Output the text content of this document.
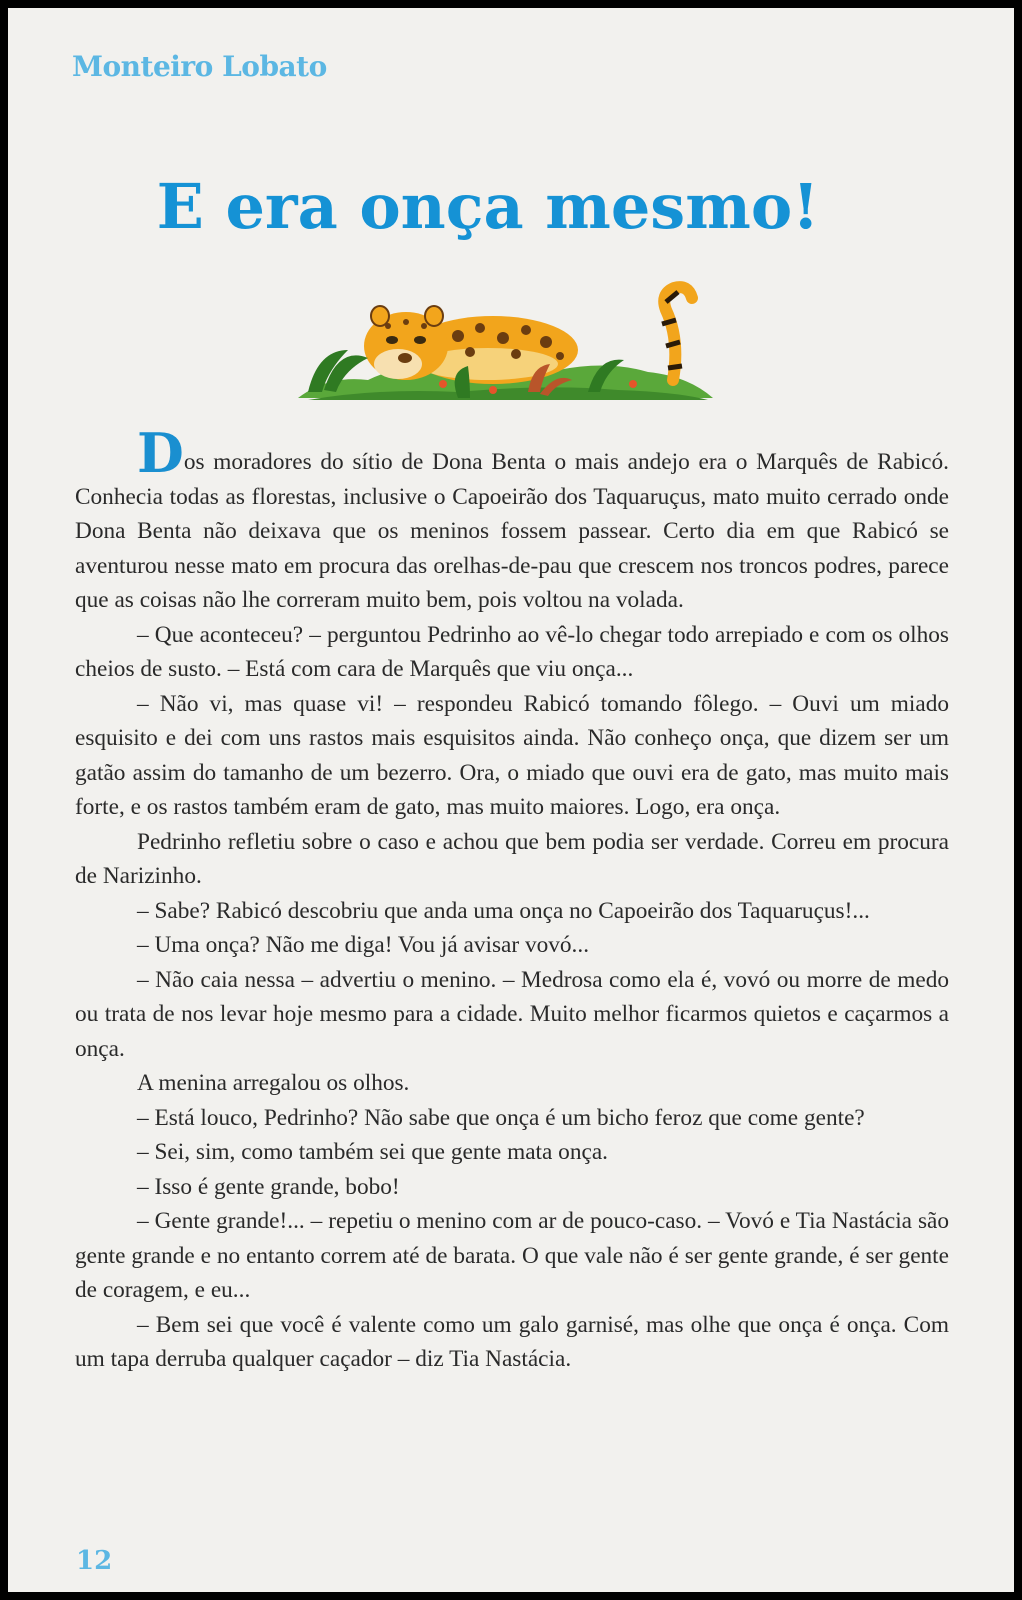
Monteiro Lobato
E era onça mesmo!

Dos moradores do sítio de Dona Benta o mais andejo era o Marquês de Rabicó. Conhecia todas as florestas, inclusive o Capoeirão dos Taquaruçus, mato muito cerrado onde Dona Benta não deixava que os meninos fossem passear. Certo dia em que Rabicó se aventurou nesse mato em procura das orelhas-de-pau que crescem nos troncos podres, parece que as coisas não lhe correram muito bem, pois voltou na volada.

– Que aconteceu? – perguntou Pedrinho ao vê-lo chegar todo arrepiado e com os olhos cheios de susto. – Está com cara de Marquês que viu onça...

– Não vi, mas quase vi! – respondeu Rabicó tomando fôlego. – Ouvi um miado esquisito e dei com uns rastos mais esquisitos ainda. Não conheço onça, que dizem ser um gatão assim do tamanho de um bezerro. Ora, o miado que ouvi era de gato, mas muito mais forte, e os rastos também eram de gato, mas muito maiores. Logo, era onça.

Pedrinho refletiu sobre o caso e achou que bem podia ser verdade. Correu em procura de Narizinho.

– Sabe? Rabicó descobriu que anda uma onça no Capoeirão dos Taquaruçus!...

– Uma onça? Não me diga! Vou já avisar vovó...

– Não caia nessa – advertiu o menino. – Medrosa como ela é, vovó ou morre de medo ou trata de nos levar hoje mesmo para a cidade. Muito melhor ficarmos quietos e caçarmos a onça.

A menina arregalou os olhos.

– Está louco, Pedrinho? Não sabe que onça é um bicho feroz que come gente?

– Sei, sim, como também sei que gente mata onça.

– Isso é gente grande, bobo!

– Gente grande!... – repetiu o menino com ar de pouco-caso. – Vovó e Tia Nastácia são gente grande e no entanto correm até de barata. O que vale não é ser gente grande, é ser gente de coragem, e eu...

– Bem sei que você é valente como um galo garnisé, mas olhe que onça é onça. Com um tapa derruba qualquer caçador – diz Tia Nastácia.

12
